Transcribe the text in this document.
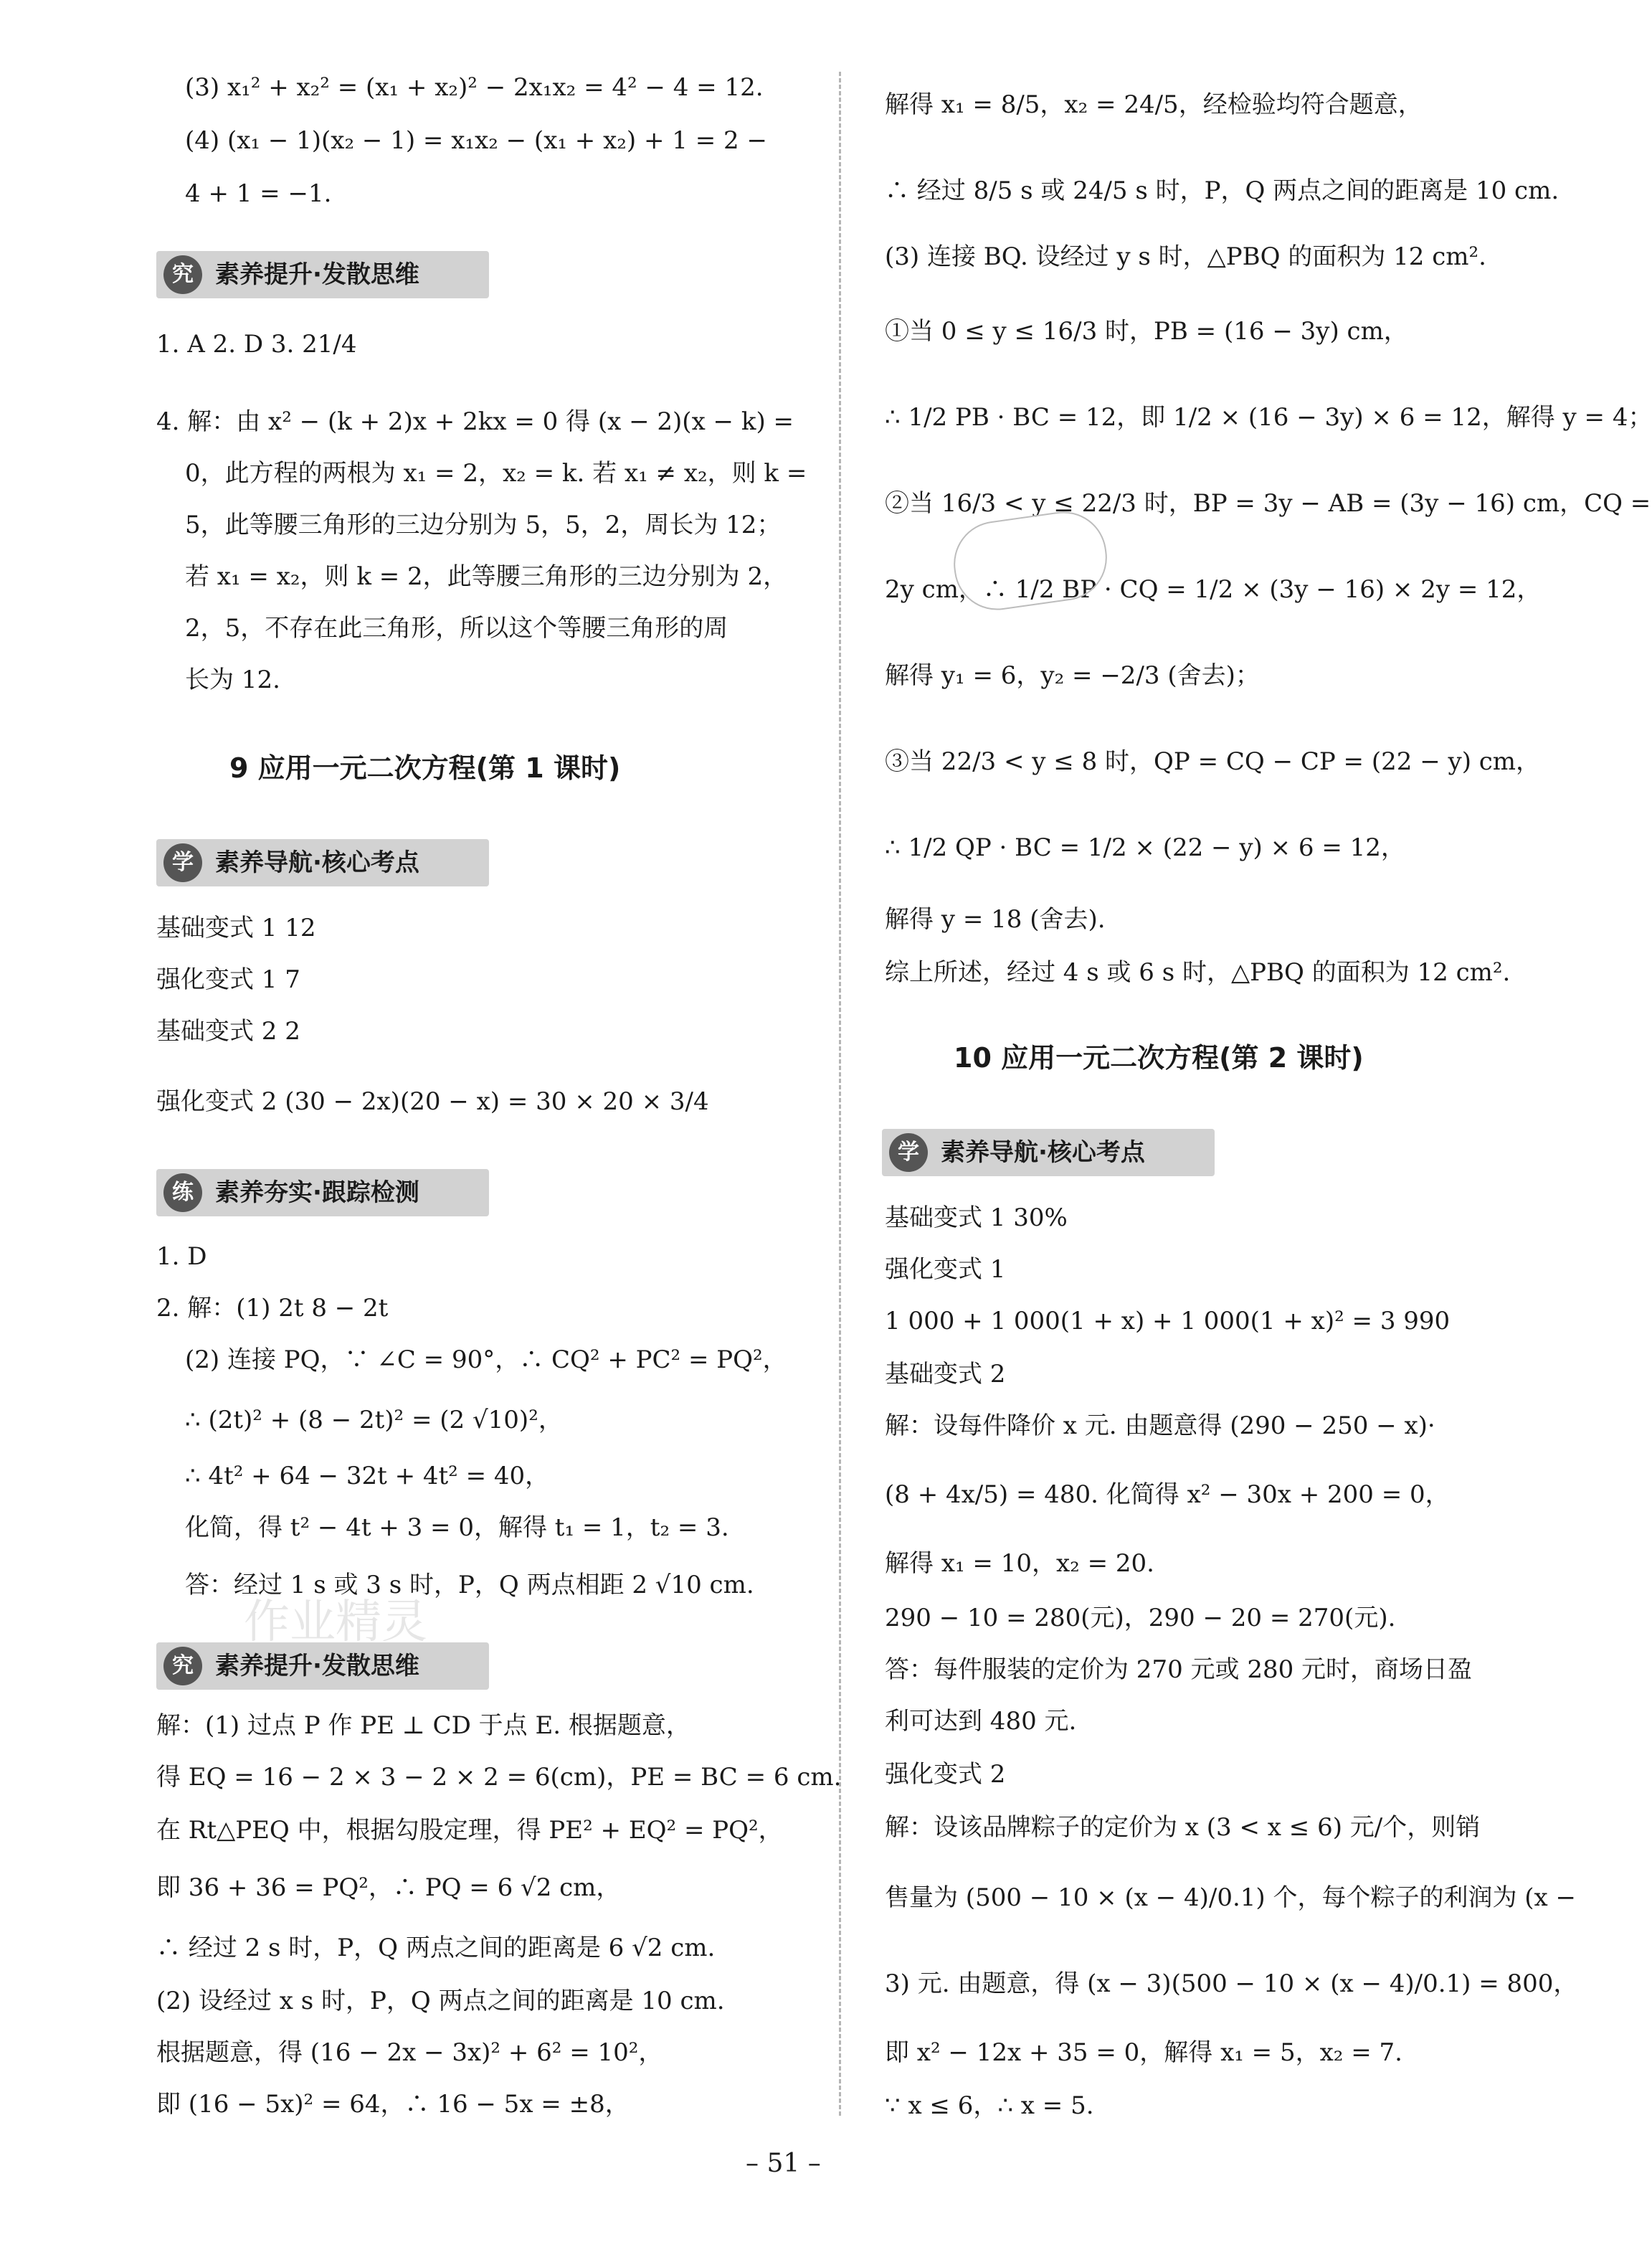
(3) x₁² + x₂² = (x₁ + x₂)² − 2x₁x₂ = 4² − 4 = 12.
(4) (x₁ − 1)(x₂ − 1) = x₁x₂ − (x₁ + x₂) + 1 = 2 −
4 + 1 = −1.
究 素养提升·发散思维
1. A 2. D 3. 21/4
4. 解：由 x² − (k + 2)x + 2kx = 0 得 (x − 2)(x − k) =
0，此方程的两根为 x₁ = 2，x₂ = k. 若 x₁ ≠ x₂，则 k =
5，此等腰三角形的三边分别为 5，5，2，周长为 12；
若 x₁ = x₂，则 k = 2，此等腰三角形的三边分别为 2，
2，5，不存在此三角形，所以这个等腰三角形的周
长为 12.
9 应用一元二次方程(第 1 课时)
学 素养导航·核心考点
基础变式 1 12
强化变式 1 7
基础变式 2 2
强化变式 2 (30 − 2x)(20 − x) = 30 × 20 × 3/4
练 素养夯实·跟踪检测
1. D
2. 解：(1) 2t 8 − 2t
(2) 连接 PQ，∵ ∠C = 90°，∴ CQ² + PC² = PQ²，
∴ (2t)² + (8 − 2t)² = (2 √10)²，
∴ 4t² + 64 − 32t + 4t² = 40，
化简，得 t² − 4t + 3 = 0，解得 t₁ = 1，t₂ = 3.
答：经过 1 s 或 3 s 时，P，Q 两点相距 2 √10 cm.
究 素养提升·发散思维
解：(1) 过点 P 作 PE ⊥ CD 于点 E. 根据题意，
得 EQ = 16 − 2 × 3 − 2 × 2 = 6(cm)，PE = BC = 6 cm.
在 Rt△PEQ 中，根据勾股定理，得 PE² + EQ² = PQ²，
即 36 + 36 = PQ²，∴ PQ = 6 √2 cm，
∴ 经过 2 s 时，P，Q 两点之间的距离是 6 √2 cm.
(2) 设经过 x s 时，P，Q 两点之间的距离是 10 cm.
根据题意，得 (16 − 2x − 3x)² + 6² = 10²，
即 (16 − 5x)² = 64，∴ 16 − 5x = ±8，
作业精灵
解得 x₁ = 8/5，x₂ = 24/5，经检验均符合题意，
∴ 经过 8/5 s 或 24/5 s 时，P，Q 两点之间的距离是 10 cm.
(3) 连接 BQ. 设经过 y s 时，△PBQ 的面积为 12 cm².
①当 0 ≤ y ≤ 16/3 时，PB = (16 − 3y) cm，
∴ 1/2 PB · BC = 12，即 1/2 × (16 − 3y) × 6 = 12，解得 y = 4；
②当 16/3 < y ≤ 22/3 时，BP = 3y − AB = (3y − 16) cm，CQ =
2y cm，∴ 1/2 BP · CQ = 1/2 × (3y − 16) × 2y = 12，
解得 y₁ = 6，y₂ = −2/3 (舍去)；
③当 22/3 < y ≤ 8 时，QP = CQ − CP = (22 − y) cm，
∴ 1/2 QP · BC = 1/2 × (22 − y) × 6 = 12，
解得 y = 18 (舍去).
综上所述，经过 4 s 或 6 s 时，△PBQ 的面积为 12 cm².
10 应用一元二次方程(第 2 课时)
学 素养导航·核心考点
基础变式 1 30%
强化变式 1
1 000 + 1 000(1 + x) + 1 000(1 + x)² = 3 990
基础变式 2
解：设每件降价 x 元. 由题意得 (290 − 250 − x)·
(8 + 4x/5) = 480. 化简得 x² − 30x + 200 = 0，
解得 x₁ = 10，x₂ = 20.
290 − 10 = 280(元)，290 − 20 = 270(元).
答：每件服装的定价为 270 元或 280 元时，商场日盈
利可达到 480 元.
强化变式 2
解：设该品牌粽子的定价为 x (3 < x ≤ 6) 元/个，则销
售量为 (500 − 10 × (x − 4)/0.1) 个，每个粽子的利润为 (x −
3) 元. 由题意，得 (x − 3)(500 − 10 × (x − 4)/0.1) = 800，
即 x² − 12x + 35 = 0，解得 x₁ = 5，x₂ = 7.
∵ x ≤ 6，∴ x = 5.
– 51 –
